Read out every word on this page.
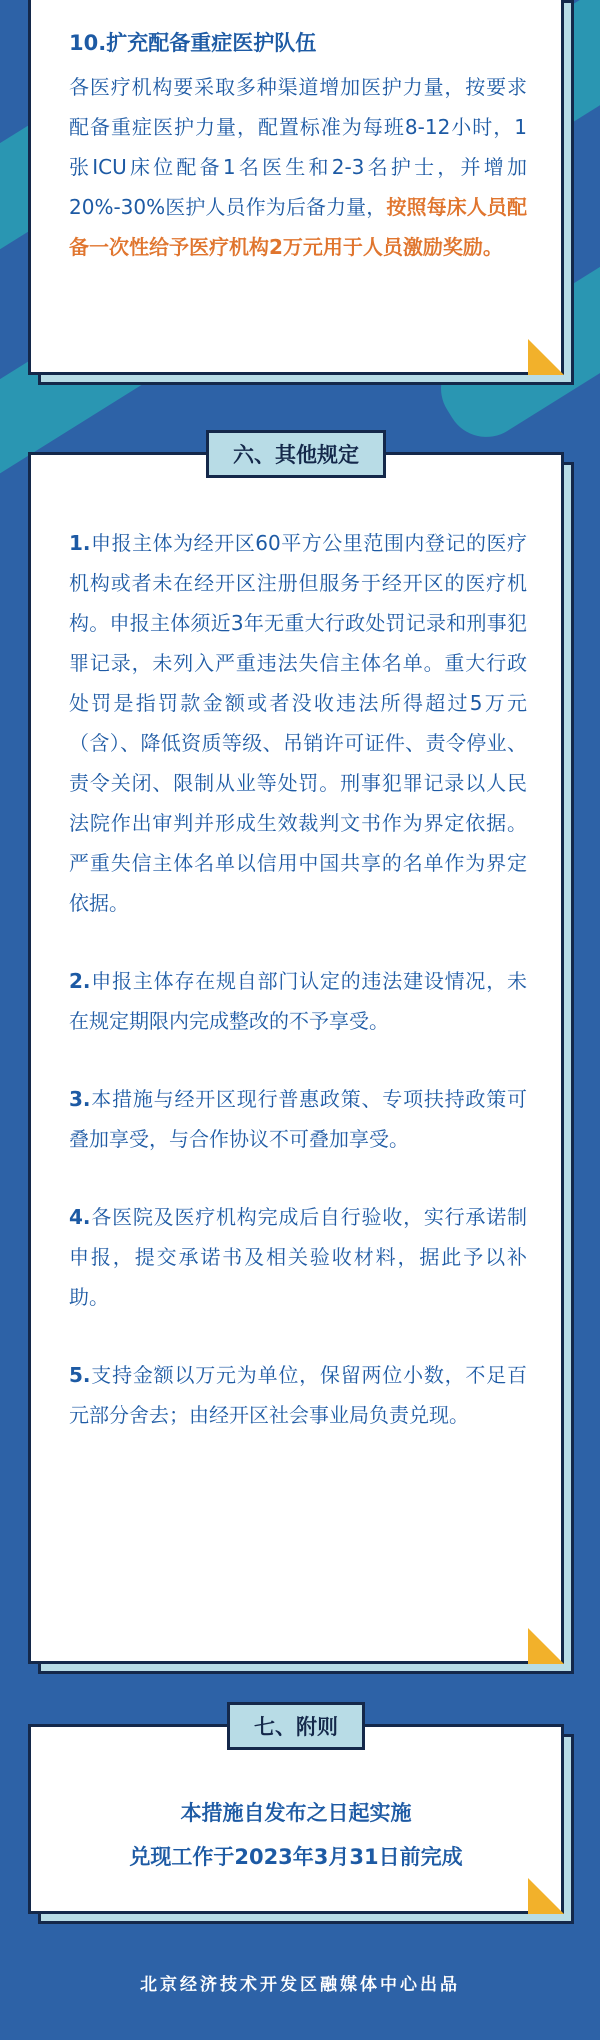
10.扩充配备重症医护队伍

各医疗机构要采取多种渠道增加医护力量，按要求配备重症医护力量，配置标准为每班8-12小时，1张ICU床位配备1名医生和2-3名护士，并增加20%-30%医护人员作为后备力量，按照每床人员配备一次性给予医疗机构2万元用于人员激励奖励。

1.申报主体为经开区60平方公里范围内登记的医疗机构或者未在经开区注册但服务于经开区的医疗机构。申报主体须近3年无重大行政处罚记录和刑事犯罪记录，未列入严重违法失信主体名单。重大行政处罚是指罚款金额或者没收违法所得超过5万元（含）、降低资质等级、吊销许可证件、责令停业、责令关闭、限制从业等处罚。刑事犯罪记录以人民法院作出审判并形成生效裁判文书作为界定依据。严重失信主体名单以信用中国共享的名单作为界定依据。

2.申报主体存在规自部门认定的违法建设情况，未在规定期限内完成整改的不予享受。

3.本措施与经开区现行普惠政策、专项扶持政策可叠加享受，与合作协议不可叠加享受。

4.各医院及医疗机构完成后自行验收，实行承诺制申报，提交承诺书及相关验收材料，据此予以补助。

5.支持金额以万元为单位，保留两位小数，不足百元部分舍去；由经开区社会事业局负责兑现。

六、其他规定
本措施自发布之日起实施
兑现工作于2023年3月31日前完成
七、附则
北京经济技术开发区融媒体中心出品
